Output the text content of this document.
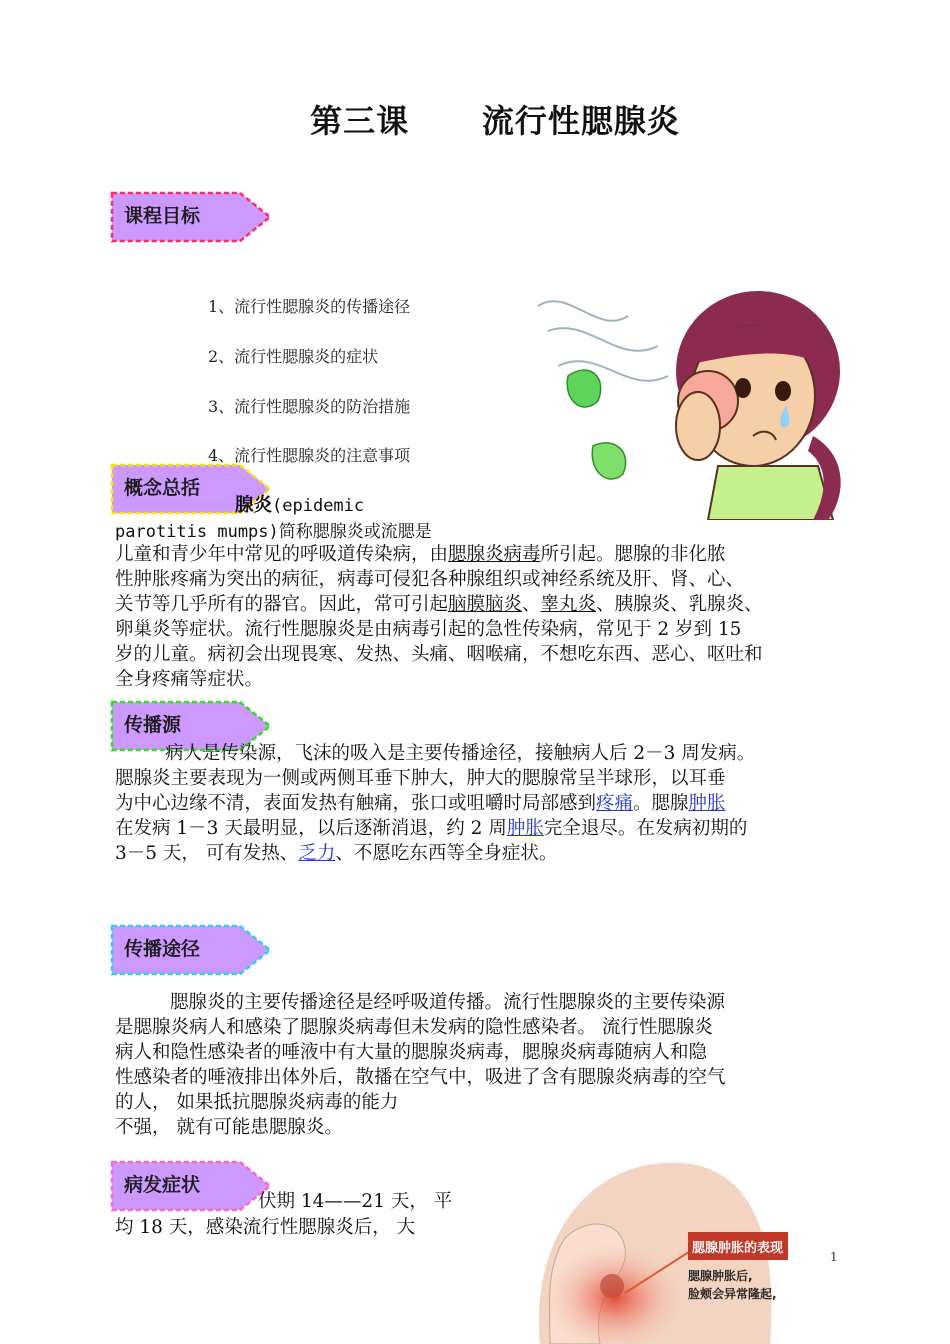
第三课      流行性腮腺炎
课程目标
1、流行性腮腺炎的传播途径
2、流行性腮腺炎的症状
3、流行性腮腺炎的防治措施
4、流行性腮腺炎的注意事项
概念总括
腺炎(epidemic
parotitis mumps)简称腮腺炎或流腮是
儿童和青少年中常见的呼吸道传染病，由腮腺炎病毒所引起。腮腺的非化脓
性肿胀疼痛为突出的病征，病毒可侵犯各种腺组织或神经系统及肝、肾、心、
关节等几乎所有的器官。因此，常可引起脑膜脑炎、睾丸炎、胰腺炎、乳腺炎、
卵巢炎等症状。流行性腮腺炎是由病毒引起的急性传染病，常见于 2 岁到 15
岁的儿童。病初会出现畏寒、发热、头痛、咽喉痛，不想吃东西、恶心、呕吐和
全身疼痛等症状。
传播源
病人是传染源，飞沫的吸入是主要传播途径，接触病人后 2－3 周发病。
腮腺炎主要表现为一侧或两侧耳垂下肿大，肿大的腮腺常呈半球形，以耳垂
为中心边缘不清，表面发热有触痛，张口或咀嚼时局部感到疼痛。腮腺肿胀
在发病 1－3 天最明显，以后逐渐消退，约 2 周肿胀完全退尽。在发病初期的
3－5 天， 可有发热、乏力、不愿吃东西等全身症状。
传播途径
腮腺炎的主要传播途径是经呼吸道传播。流行性腮腺炎的主要传染源
是腮腺炎病人和感染了腮腺炎病毒但未发病的隐性感染者。 流行性腮腺炎
病人和隐性感染者的唾液中有大量的腮腺炎病毒，腮腺炎病毒随病人和隐
性感染者的唾液排出体外后，散播在空气中，吸进了含有腮腺炎病毒的空气
的人， 如果抵抗腮腺炎病毒的能力
不强， 就有可能患腮腺炎。
病发症状
伏期 14——21 天， 平
均 18 天，感染流行性腮腺炎后， 大
腮腺肿胀的表现
腮腺肿胀后,
脸颊会异常隆起,
1
